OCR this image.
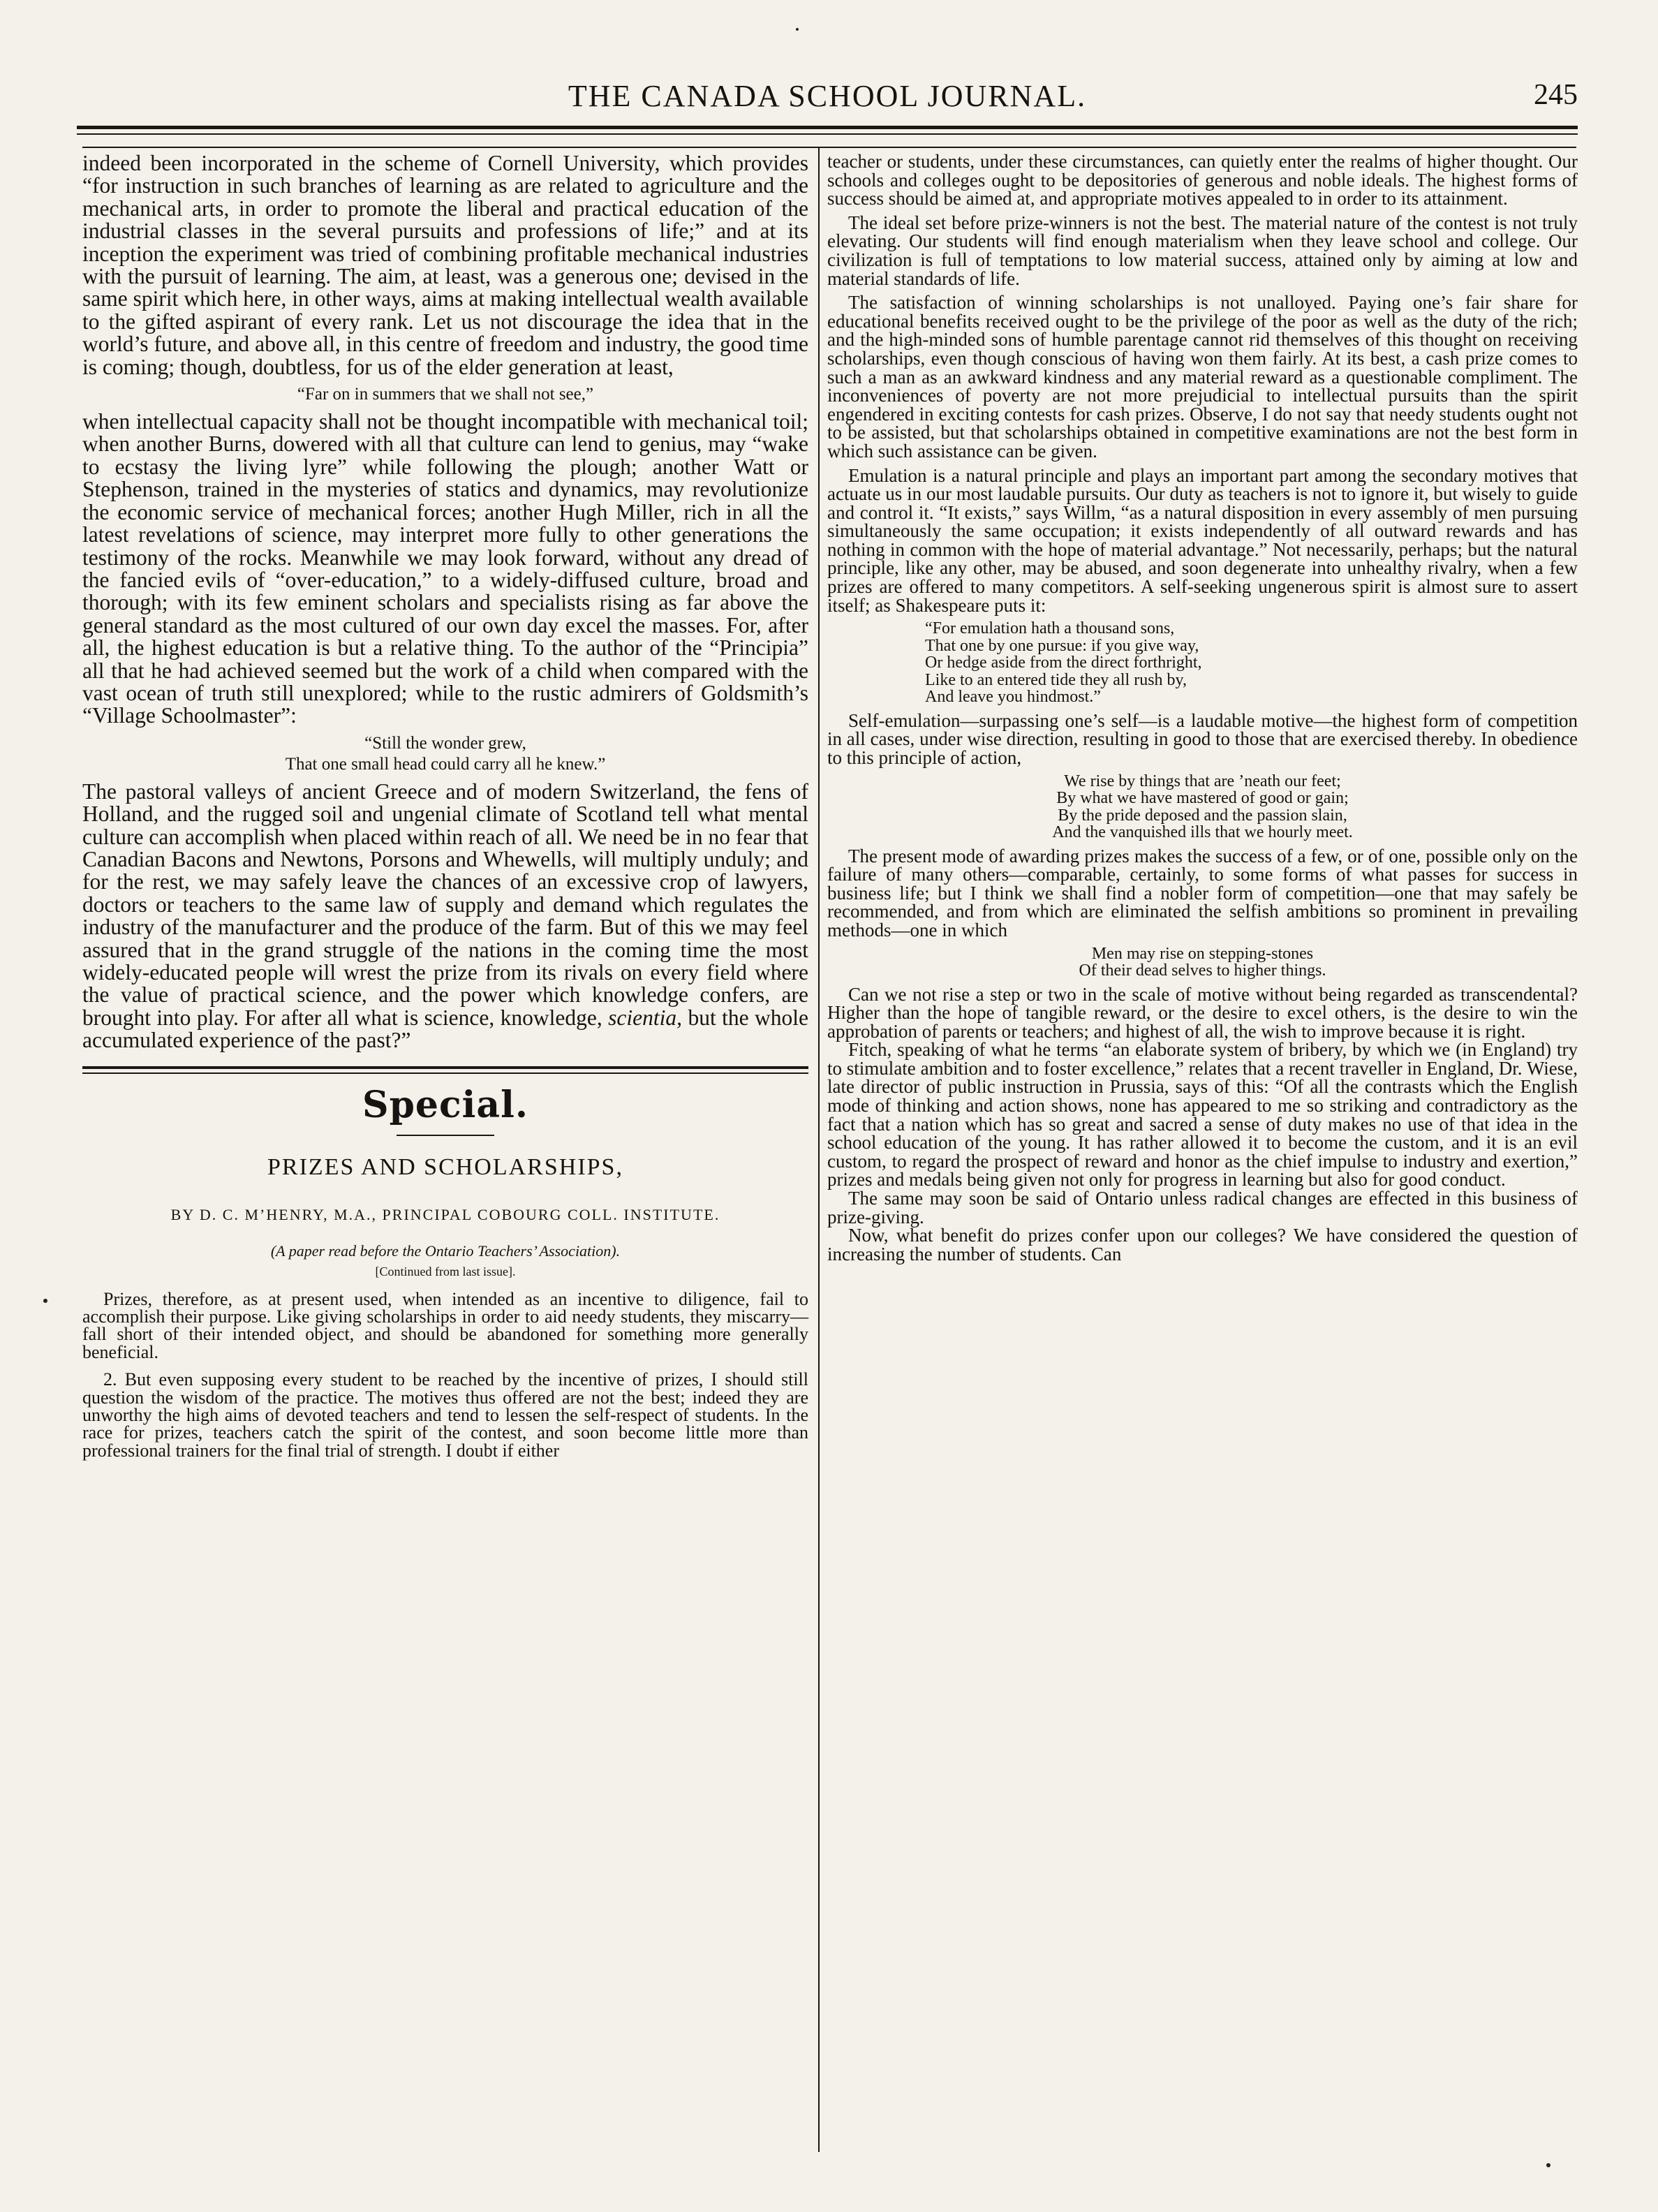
THE CANADA SCHOOL JOURNAL.	245

indeed been incorporated in the scheme of Cornell University, which provides “for instruction in such branches of learning as are related to agriculture and the mechanical arts, in order to promote the liberal and practical education of the industrial classes in the several pursuits and professions of life;” and at its inception the experiment was tried of combining profitable mechanical industries with the pursuit of learning. The aim, at least, was a generous one; devised in the same spirit which here, in other ways, aims at making intellectual wealth available to the gifted aspirant of every rank. Let us not discourage the idea that in the world’s future, and above all, in this centre of freedom and industry, the good time is coming; though, doubtless, for us of the elder generation at least,

“Far on in summers that we shall not see,”

when intellectual capacity shall not be thought incompatible with mechanical toil; when another Burns, dowered with all that culture can lend to genius, may “wake to ecstasy the living lyre” while following the plough; another Watt or Stephenson, trained in the mysteries of statics and dynamics, may revolutionize the economic service of mechanical forces; another Hugh Miller, rich in all the latest revelations of science, may interpret more fully to other generations the testimony of the rocks. Meanwhile we may look forward, without any dread of the fancied evils of “over-education,” to a widely-diffused culture, broad and thorough; with its few eminent scholars and specialists rising as far above the general standard as the most cultured of our own day excel the masses. For, after all, the highest education is but a relative thing. To the author of the “Principia” all that he had achieved seemed but the work of a child when compared with the vast ocean of truth still unexplored; while to the rustic admirers of Goldsmith’s “Village Schoolmaster”:

“Still the wonder grew,
That one small head could carry all he knew.”

The pastoral valleys of ancient Greece and of modern Switzerland, the fens of Holland, and the rugged soil and ungenial climate of Scotland tell what mental culture can accomplish when placed within reach of all. We need be in no fear that Canadian Bacons and Newtons, Porsons and Whewells, will multiply unduly; and for the rest, we may safely leave the chances of an excessive crop of lawyers, doctors or teachers to the same law of supply and demand which regulates the industry of the manufacturer and the produce of the farm. But of this we may feel assured that in the grand struggle of the nations in the coming time the most widely-educated people will wrest the prize from its rivals on every field where the value of practical science, and the power which knowledge confers, are brought into play. For after all what is science, knowledge, scientia, but the whole accumulated experience of the past?”

Special.
PRIZES AND SCHOLARSHIPS,
BY D. C. M’HENRY, M.A., PRINCIPAL COBOURG COLL. INSTITUTE.
(A paper read before the Ontario Teachers’ Association).
[Continued from last issue].

Prizes, therefore, as at present used, when intended as an incentive to diligence, fail to accomplish their purpose. Like giving scholarships in order to aid needy students, they miscarry—fall short of their intended object, and should be abandoned for something more generally beneficial.

2. But even supposing every student to be reached by the incentive of prizes, I should still question the wisdom of the practice. The motives thus offered are not the best; indeed they are unworthy the high aims of devoted teachers and tend to lessen the self-respect of students. In the race for prizes, teachers catch the spirit of the contest, and soon become little more than professional trainers for the final trial of strength. I doubt if either

teacher or students, under these circumstances, can quietly enter the realms of higher thought. Our schools and colleges ought to be depositories of generous and noble ideals. The highest forms of success should be aimed at, and appropriate motives appealed to in order to its attainment.

The ideal set before prize-winners is not the best. The material nature of the contest is not truly elevating. Our students will find enough materialism when they leave school and college. Our civilization is full of temptations to low material success, attained only by aiming at low and material standards of life.

The satisfaction of winning scholarships is not unalloyed. Paying one’s fair share for educational benefits received ought to be the privilege of the poor as well as the duty of the rich; and the high-minded sons of humble parentage cannot rid themselves of this thought on receiving scholarships, even though conscious of having won them fairly. At its best, a cash prize comes to such a man as an awkward kindness and any material reward as a questionable compliment. The inconveniences of poverty are not more prejudicial to intellectual pursuits than the spirit engendered in exciting contests for cash prizes. Observe, I do not say that needy students ought not to be assisted, but that scholarships obtained in competitive examinations are not the best form in which such assistance can be given.

Emulation is a natural principle and plays an important part among the secondary motives that actuate us in our most laudable pursuits. Our duty as teachers is not to ignore it, but wisely to guide and control it. “It exists,” says Willm, “as a natural disposition in every assembly of men pursuing simultaneously the same occupation; it exists independently of all outward rewards and has nothing in common with the hope of material advantage.” Not necessarily, perhaps; but the natural principle, like any other, may be abused, and soon degenerate into unhealthy rivalry, when a few prizes are offered to many competitors. A self-seeking ungenerous spirit is almost sure to assert itself; as Shakespeare puts it:

“For emulation hath a thousand sons,
That one by one pursue: if you give way,
Or hedge aside from the direct forthright,
Like to an entered tide they all rush by,
And leave you hindmost.”

Self-emulation—surpassing one’s self—is a laudable motive—the highest form of competition in all cases, under wise direction, resulting in good to those that are exercised thereby. In obedience to this principle of action,

We rise by things that are ’neath our feet;
By what we have mastered of good or gain;
By the pride deposed and the passion slain,
And the vanquished ills that we hourly meet.

The present mode of awarding prizes makes the success of a few, or of one, possible only on the failure of many others—comparable, certainly, to some forms of what passes for success in business life; but I think we shall find a nobler form of competition—one that may safely be recommended, and from which are eliminated the selfish ambitions so prominent in prevailing methods—one in which

Men may rise on stepping-stones
Of their dead selves to higher things.

Can we not rise a step or two in the scale of motive without being regarded as transcendental? Higher than the hope of tangible reward, or the desire to excel others, is the desire to win the approbation of parents or teachers; and highest of all, the wish to improve because it is right.

Fitch, speaking of what he terms “an elaborate system of bribery, by which we (in England) try to stimulate ambition and to foster excellence,” relates that a recent traveller in England, Dr. Wiese, late director of public instruction in Prussia, says of this: “Of all the contrasts which the English mode of thinking and action shows, none has appeared to me so striking and contradictory as the fact that a nation which has so great and sacred a sense of duty makes no use of that idea in the school education of the young. It has rather allowed it to become the custom, and it is an evil custom, to regard the prospect of reward and honor as the chief impulse to industry and exertion,” prizes and medals being given not only for progress in learning but also for good conduct.

The same may soon be said of Ontario unless radical changes are effected in this business of prize-giving.

Now, what benefit do prizes confer upon our colleges? We have considered the question of increasing the number of students. Can
